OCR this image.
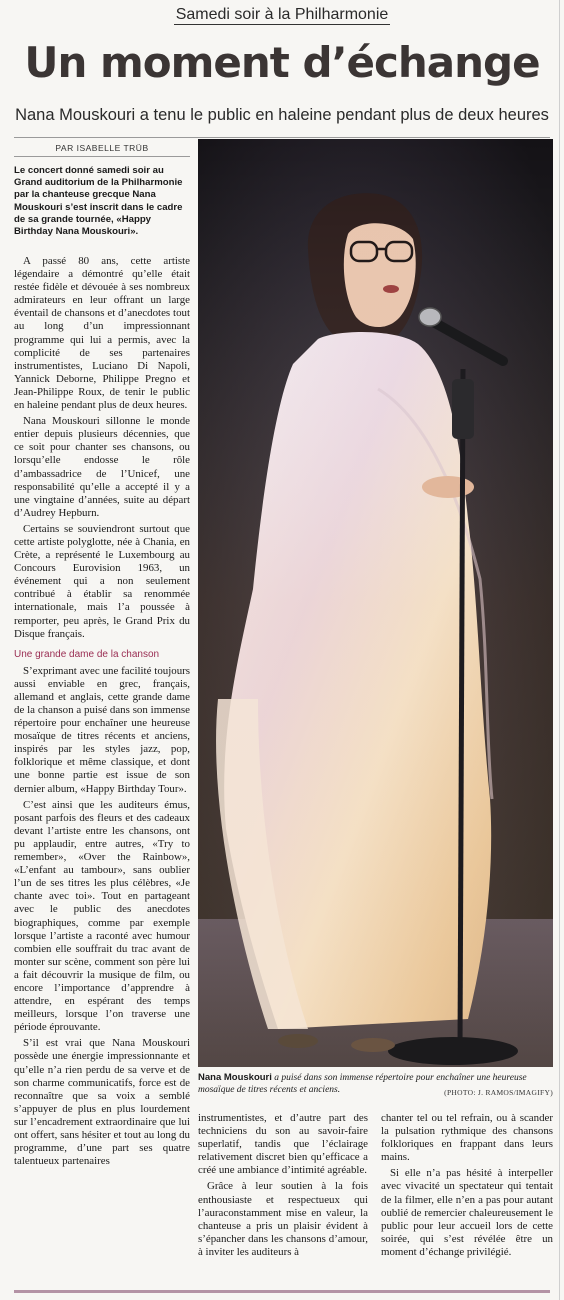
Samedi soir à la Philharmonie
Un moment d’échange
Nana Mouskouri a tenu le public en haleine pendant plus de deux heures
PAR ISABELLE TRÜB
Le concert donné samedi soir au Grand auditorium de la Philharmonie par la chanteuse grecque Nana Mouskouri s’est inscrit dans le cadre de sa grande tournée, «Happy Birthday Nana Mouskouri».

A passé 80 ans, cette artiste légendaire a démontré qu’elle était restée fidèle et dévouée à ses nombreux admirateurs en leur offrant un large éventail de chansons et d’anecdotes tout au long d’un impressionnant programme qui lui a permis, avec la complicité de ses partenaires instrumentistes, Luciano Di Napoli, Yannick Deborne, Philippe Pregno et Jean-Philippe Roux, de tenir le public en haleine pendant plus de deux heures.

Nana Mouskouri sillonne le monde entier depuis plusieurs décennies, que ce soit pour chanter ses chansons, ou lorsqu’elle endosse le rôle d’ambassadrice de l’Unicef, une responsabilité qu’elle a accepté il y a une vingtaine d’années, suite au départ d’Audrey Hepburn.

Certains se souviendront surtout que cette artiste polyglotte, née à Chania, en Crète, a représenté le Luxembourg au Concours Eurovision 1963, un événement qui a non seulement contribué à établir sa renommée internationale, mais l’a poussée à remporter, peu après, le Grand Prix du Disque français.

Une grande dame de la chanson

S’exprimant avec une facilité toujours aussi enviable en grec, français, allemand et anglais, cette grande dame de la chanson a puisé dans son immense répertoire pour enchaîner une heureuse mosaïque de titres récents et anciens, inspirés par les styles jazz, pop, folklorique et même classique, et dont une bonne partie est issue de son dernier album, «Happy Birthday Tour».

C’est ainsi que les auditeurs émus, posant parfois des fleurs et des cadeaux devant l’artiste entre les chansons, ont pu applaudir, entre autres, «Try to remember», «Over the Rainbow», «L’enfant au tambour», sans oublier l’un de ses titres les plus célèbres, «Je chante avec toi». Tout en partageant avec le public des anecdotes biographiques, comme par exemple lorsque l’artiste a raconté avec humour combien elle souffrait du trac avant de monter sur scène, comment son père lui a fait découvrir la musique de film, ou encore l’importance d’apprendre à attendre, en espérant des temps meilleurs, lorsque l’on traverse une période éprouvante.

S’il est vrai que Nana Mouskouri possède une énergie impressionnante et qu’elle n’a rien perdu de sa verve et de son charme communicatifs, force est de reconnaître que sa voix a semblé s’appuyer de plus en plus lourdement sur l’encadrement extraordinaire que lui ont offert, sans hésiter et tout au long du programme, d’une part ses quatre talentueux partenaires

Nana Mouskouri a puisé dans son immense répertoire pour enchaîner une heureuse mosaïque de titres récents et anciens.	(PHOTO: J. RAMOS/IMAGIFY)

instrumentistes, et d’autre part des techniciens du son au savoir-faire superlatif, tandis que l’éclairage relativement discret bien qu’efficace a créé une ambiance d’intimité agréable.

Grâce à leur soutien à la fois enthousiaste et respectueux qui l’auraconstamment mise en valeur, la chanteuse a pris un plaisir évident à s’épancher dans les chansons d’amour, à inviter les auditeurs à

chanter tel ou tel refrain, ou à scander la pulsation rythmique des chansons folkloriques en frappant dans leurs mains.

Si elle n’a pas hésité à interpeller avec vivacité un spectateur qui tentait de la filmer, elle n’en a pas pour autant oublié de remercier chaleureusement le public pour leur accueil lors de cette soirée, qui s’est révélée être un moment d’échange privilégié.
